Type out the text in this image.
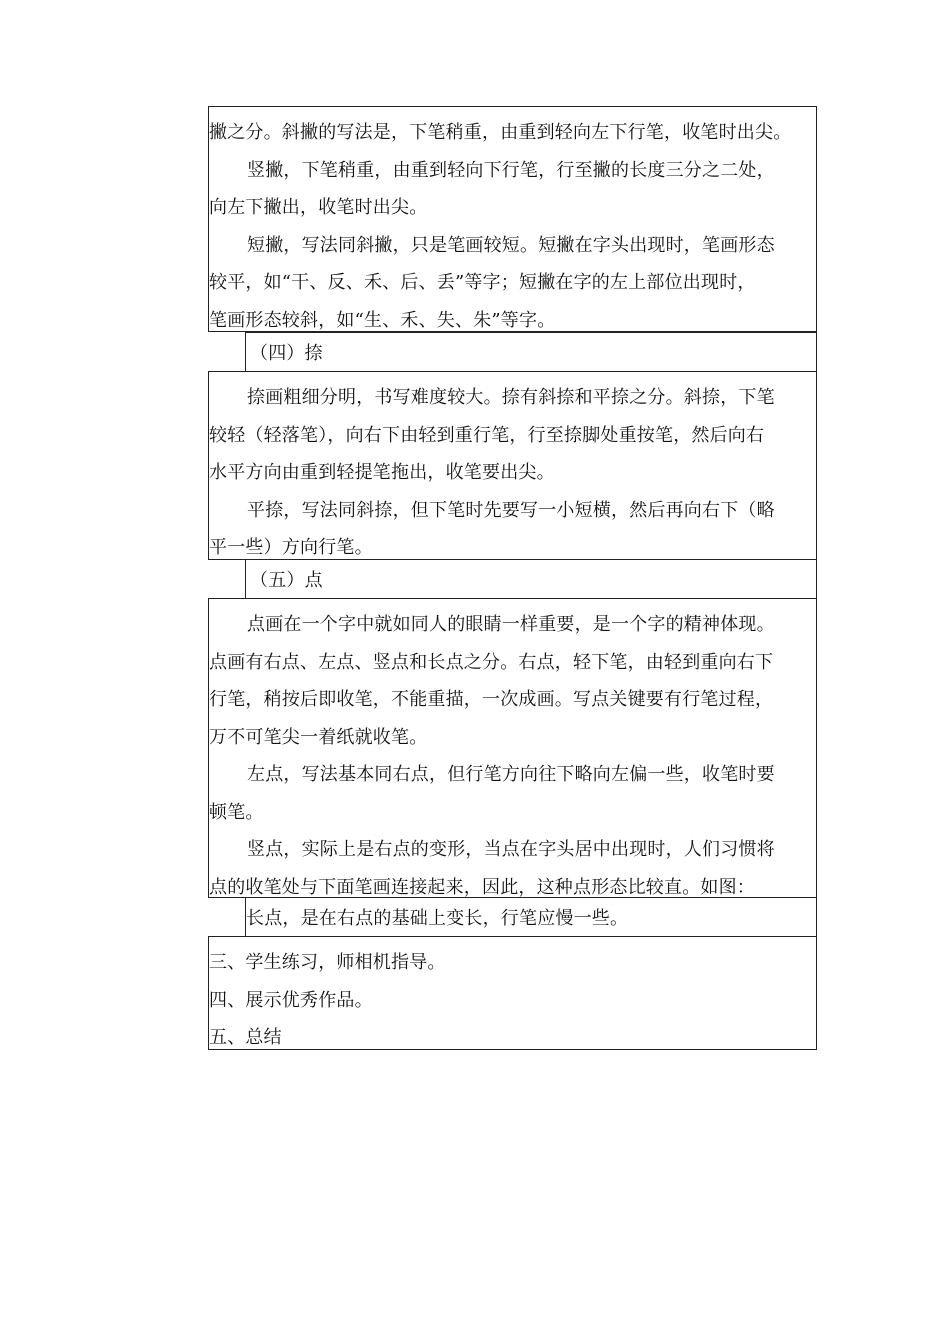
撇之分。斜撇的写法是，下笔稍重，由重到轻向左下行笔，收笔时出尖。

竖撇，下笔稍重，由重到轻向下行笔，行至撇的长度三分之二处，

向左下撇出，收笔时出尖。

短撇，写法同斜撇，只是笔画较短。短撇在字头出现时，笔画形态

较平，如“干、反、禾、后、丢”等字；短撇在字的左上部位出现时，

笔画形态较斜，如“生、禾、失、朱”等字。

（四）捺

捺画粗细分明，书写难度较大。捺有斜捺和平捺之分。斜捺，下笔

较轻（轻落笔），向右下由轻到重行笔，行至捺脚处重按笔，然后向右

水平方向由重到轻提笔拖出，收笔要出尖。

平捺，写法同斜捺，但下笔时先要写一小短横，然后再向右下（略

平一些）方向行笔。

（五）点

点画在一个字中就如同人的眼睛一样重要，是一个字的精神体现。

点画有右点、左点、竖点和长点之分。右点，轻下笔，由轻到重向右下

行笔，稍按后即收笔，不能重描，一次成画。写点关键要有行笔过程，

万不可笔尖一着纸就收笔。

左点，写法基本同右点，但行笔方向往下略向左偏一些，收笔时要

顿笔。

竖点，实际上是右点的变形，当点在字头居中出现时，人们习惯将

点的收笔处与下面笔画连接起来，因此，这种点形态比较直。如图：

长点，是在右点的基础上变长，行笔应慢一些。

三、学生练习，师相机指导。

四、展示优秀作品。

五、总结
